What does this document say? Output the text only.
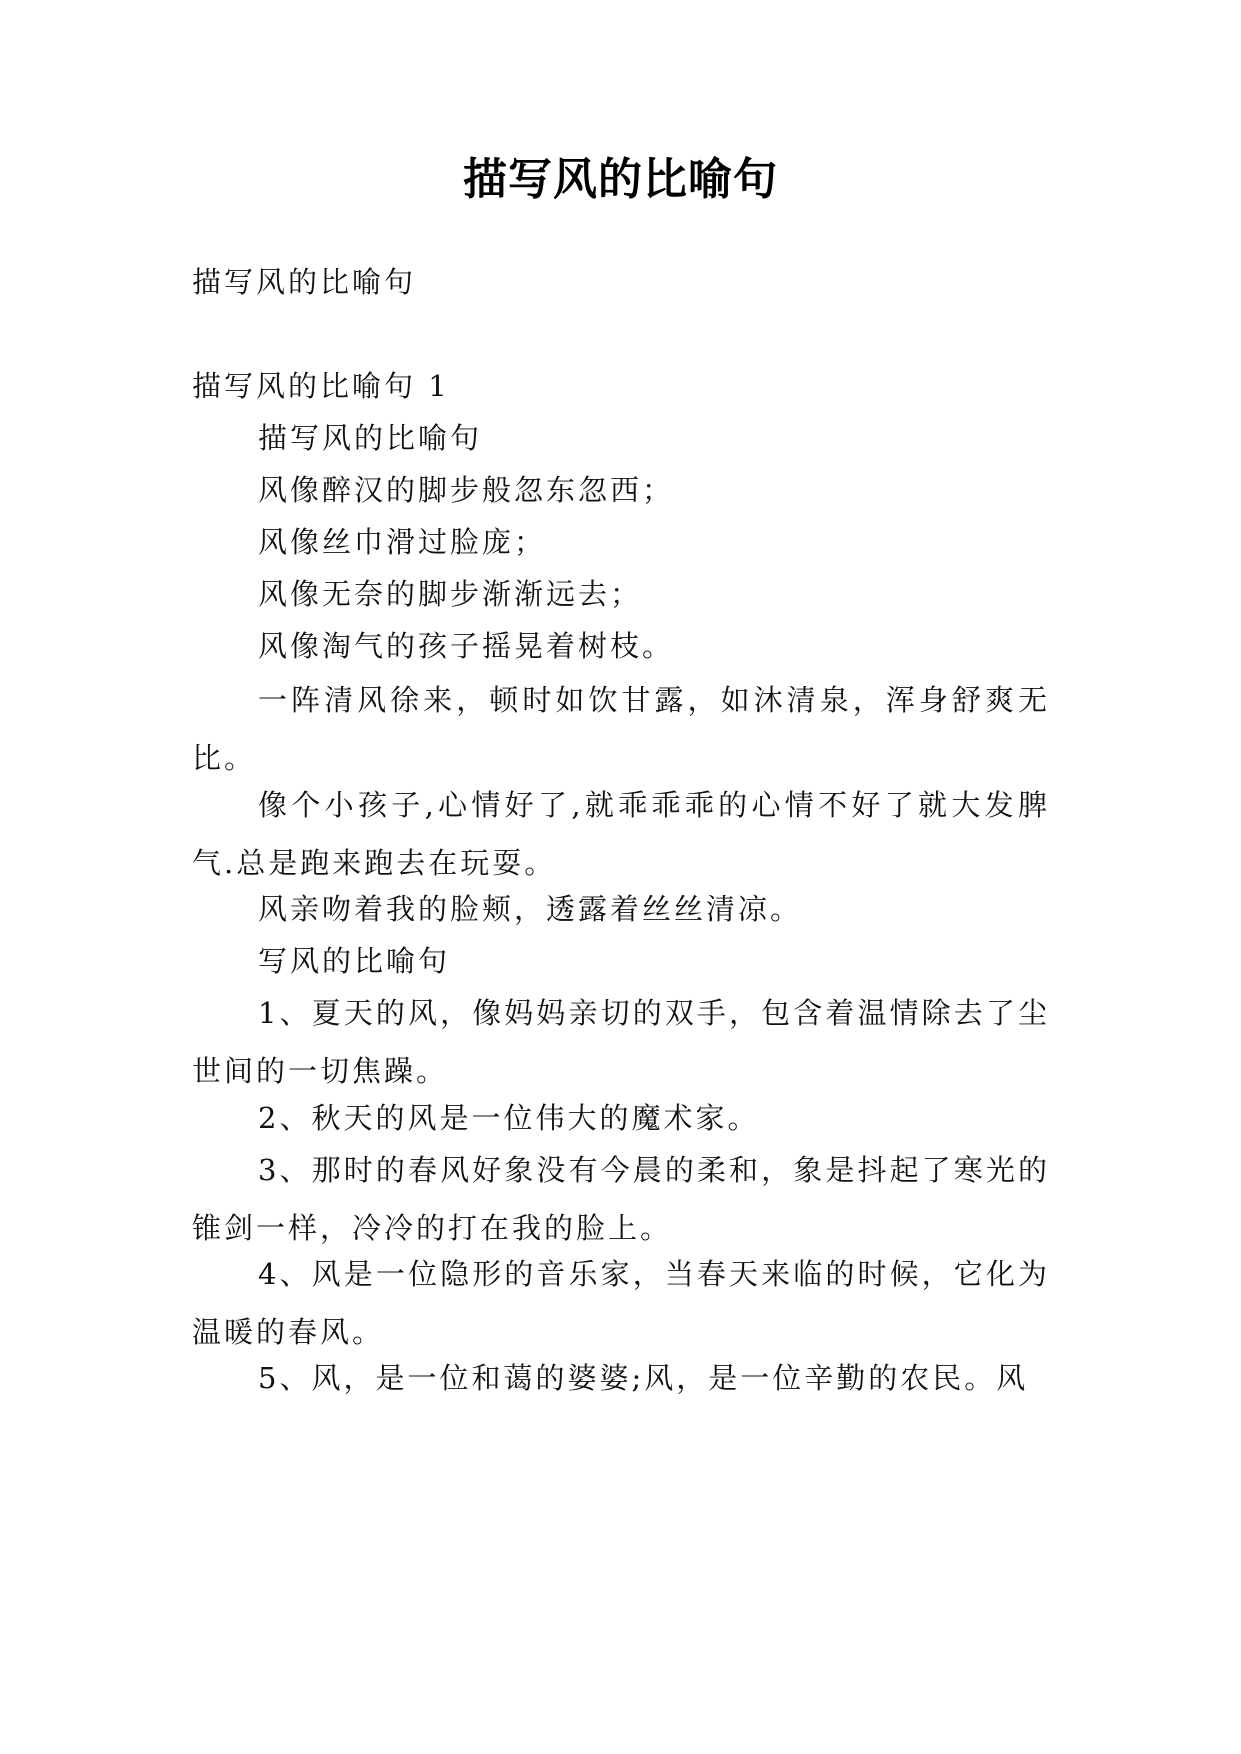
描写风的比喻句
描写风的比喻句
描写风的比喻句 1
描写风的比喻句
风像醉汉的脚步般忽东忽西；
风像丝巾滑过脸庞；
风像无奈的脚步渐渐远去；
风像淘气的孩子摇晃着树枝。
一阵清风徐来，顿时如饮甘露，如沐清泉，浑身舒爽无比。
像个小孩子,心情好了,就乖乖乖的心情不好了就大发脾气.总是跑来跑去在玩耍。
风亲吻着我的脸颊，透露着丝丝清凉。
写风的比喻句
1、夏天的风，像妈妈亲切的双手，包含着温情除去了尘世间的一切焦躁。
2、秋天的风是一位伟大的魔术家。
3、那时的春风好象没有今晨的柔和，象是抖起了寒光的锥剑一样，冷冷的打在我的脸上。
4、风是一位隐形的音乐家，当春天来临的时候，它化为温暖的春风。
5、风，是一位和蔼的婆婆;风，是一位辛勤的农民。风
